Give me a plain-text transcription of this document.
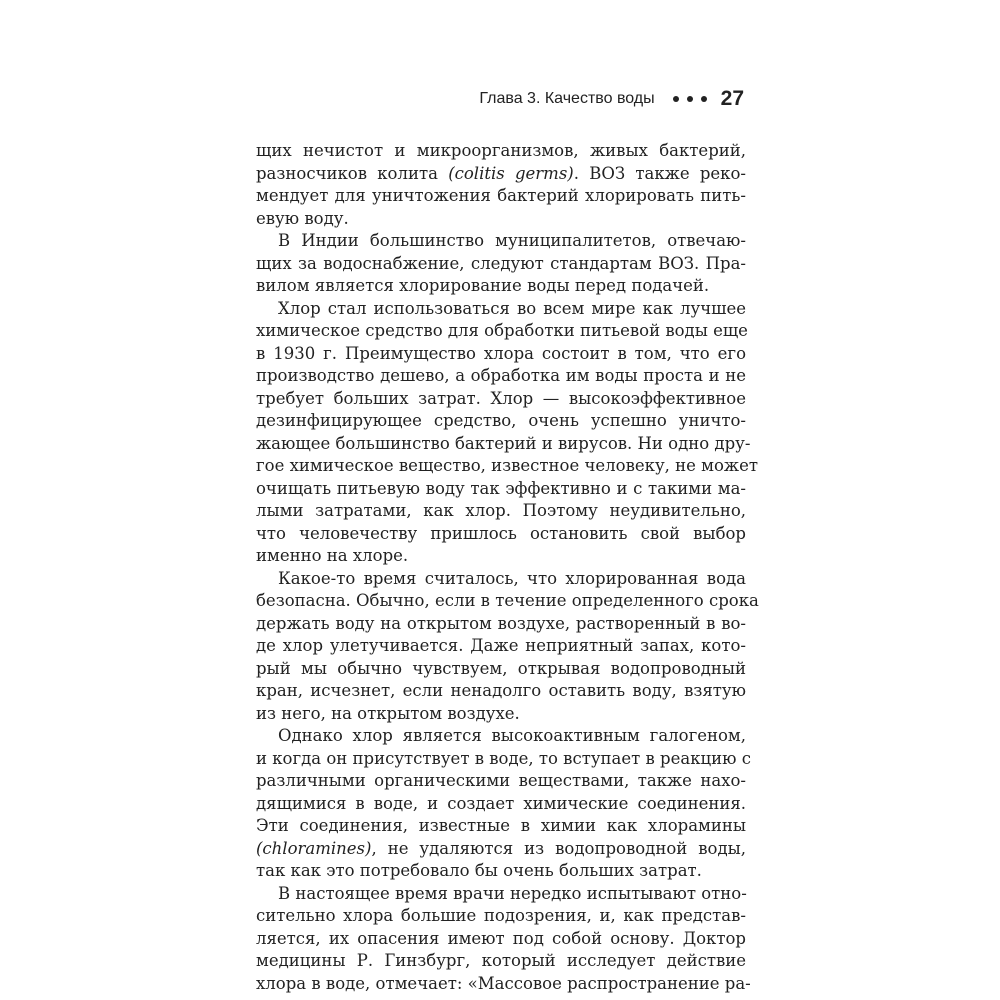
Глава 3. Качество воды	27
щих нечистот и микроорганизмов, живых бактерий,
разносчиков колита (colitis germs). ВОЗ также реко-
мендует для уничтожения бактерий хлорировать пить-
евую воду.
В Индии большинство муниципалитетов, отвечаю-
щих за водоснабжение, следуют стандартам ВОЗ. Пра-
вилом является хлорирование воды перед подачей.
Хлор стал использоваться во всем мире как лучшее
химическое средство для обработки питьевой воды еще
в 1930 г. Преимущество хлора состоит в том, что его
производство дешево, а обработка им воды проста и не
требует больших затрат. Хлор — высокоэффективное
дезинфицирующее средство, очень успешно уничто-
жающее большинство бактерий и вирусов. Ни одно дру-
гое химическое вещество, известное человеку, не может
очищать питьевую воду так эффективно и с такими ма-
лыми затратами, как хлор. Поэтому неудивительно,
что человечеству пришлось остановить свой выбор
именно на хлоре.
Какое-то время считалось, что хлорированная вода
безопасна. Обычно, если в течение определенного срока
держать воду на открытом воздухе, растворенный в во-
де хлор улетучивается. Даже неприятный запах, кото-
рый мы обычно чувствуем, открывая водопроводный
кран, исчезнет, если ненадолго оставить воду, взятую
из него, на открытом воздухе.
Однако хлор является высокоактивным галогеном,
и когда он присутствует в воде, то вступает в реакцию с
различными органическими веществами, также нахо-
дящимися в воде, и создает химические соединения.
Эти соединения, известные в химии как хлорамины
(chloramines), не удаляются из водопроводной воды,
так как это потребовало бы очень больших затрат.
В настоящее время врачи нередко испытывают отно-
сительно хлора большие подозрения, и, как представ-
ляется, их опасения имеют под собой основу. Доктор
медицины Р. Гинзбург, который исследует действие
хлора в воде, отмечает: «Массовое распространение ра-
